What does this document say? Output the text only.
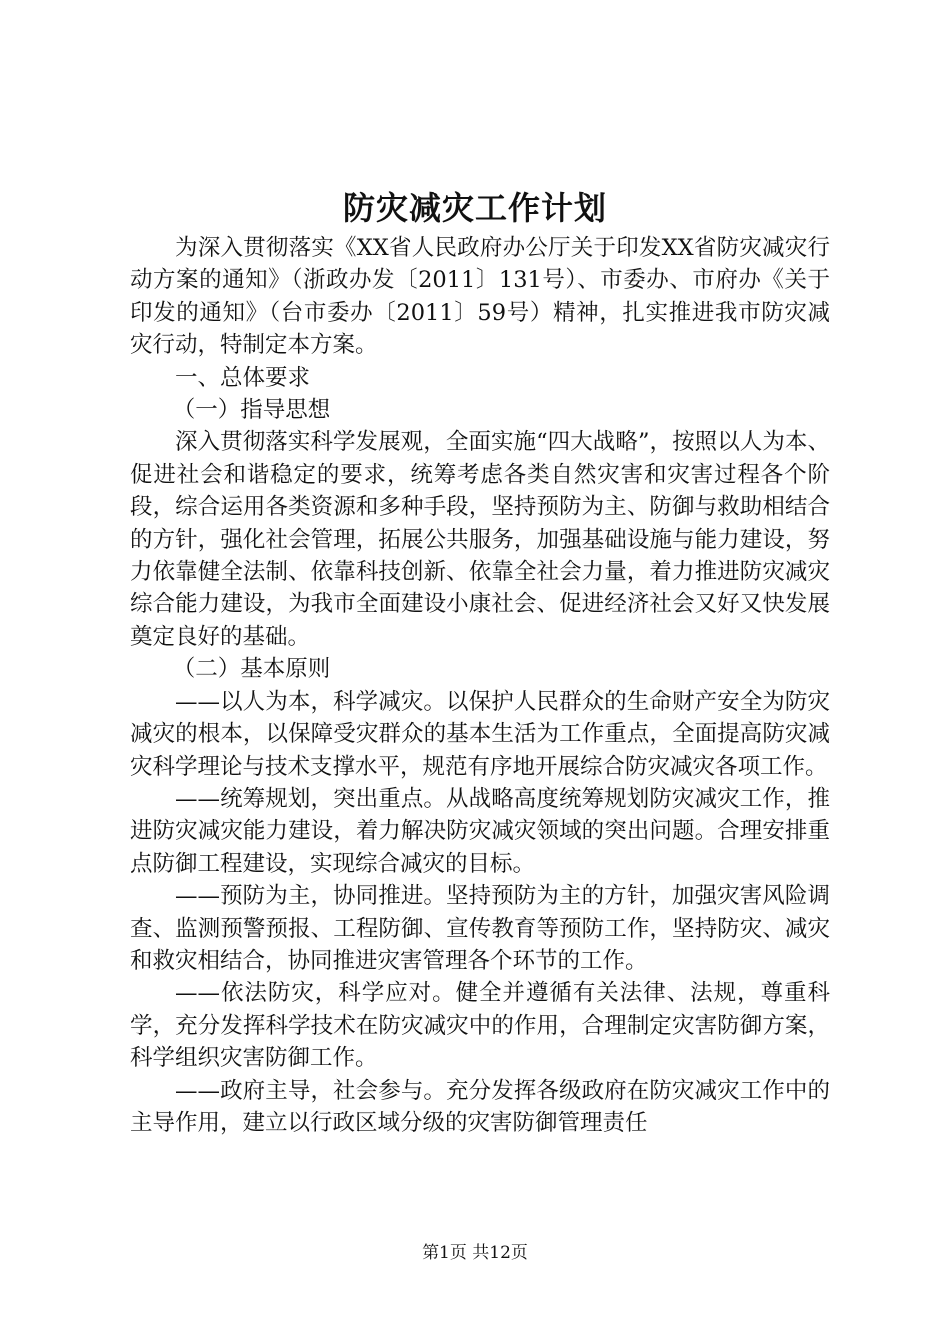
防灾减灾工作计划

为深入贯彻落实《XX省人民政府办公厅关于印发XX省防灾减灾行动方案的通知》（浙政办发〔2011〕131号）、市委办、市府办《关于印发的通知》（台市委办〔2011〕59号）精神，扎实推进我市防灾减灾行动，特制定本方案。

一、总体要求

（一）指导思想

深入贯彻落实科学发展观，全面实施“四大战略”，按照以人为本、促进社会和谐稳定的要求，统筹考虑各类自然灾害和灾害过程各个阶段，综合运用各类资源和多种手段，坚持预防为主、防御与救助相结合的方针，强化社会管理，拓展公共服务，加强基础设施与能力建设，努力依靠健全法制、依靠科技创新、依靠全社会力量，着力推进防灾减灾综合能力建设，为我市全面建设小康社会、促进经济社会又好又快发展奠定良好的基础。

（二）基本原则

——以人为本，科学减灾。以保护人民群众的生命财产安全为防灾减灾的根本，以保障受灾群众的基本生活为工作重点，全面提高防灾减灾科学理论与技术支撑水平，规范有序地开展综合防灾减灾各项工作。

——统筹规划，突出重点。从战略高度统筹规划防灾减灾工作，推进防灾减灾能力建设，着力解决防灾减灾领域的突出问题。合理安排重点防御工程建设，实现综合减灾的目标。

——预防为主，协同推进。坚持预防为主的方针，加强灾害风险调查、监测预警预报、工程防御、宣传教育等预防工作，坚持防灾、减灾和救灾相结合，协同推进灾害管理各个环节的工作。

——依法防灾，科学应对。健全并遵循有关法律、法规，尊重科学，充分发挥科学技术在防灾减灾中的作用，合理制定灾害防御方案，科学组织灾害防御工作。

——政府主导，社会参与。充分发挥各级政府在防灾减灾工作中的主导作用，建立以行政区域分级的灾害防御管理责任

第1页 共12页
